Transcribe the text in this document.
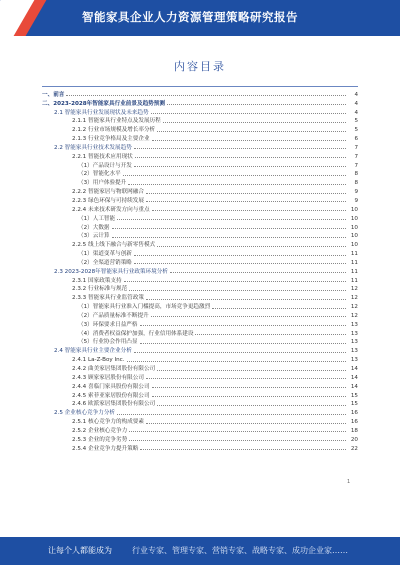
智能家具企业人力资源管理策略研究报告
内容目录
一、前言	4
二、2023-2028年智能家具行业前景及趋势预测	4
2.1 智能家具行业发展现状及未来趋势	4
2.1.1 智能家具行业特点及发展历程	5
2.1.2 行业市场规模及增长率分析	5
2.1.3 行业竞争格局及主要企业	6
2.2 智能家具行业技术发展趋势	7
2.2.1 智能技术应用现状	7
（1）产品设计与开发	7
（2）智能化水平	8
（3）用户体验提升	8
2.2.2 智能家居与物联网融合	9
2.2.3 绿色环保与可持续发展	9
2.2.4 未来技术研发方向与重点	10
（1）人工智能	10
（2）大数据	10
（3）云计算	10
2.2.5 线上线下融合与新零售模式	10
（1）渠道变革与创新	11
（2）全渠道营销策略	11
2.3 2023-2028年智能家具行业政策环境分析	11
2.3.1 国家政策支持	11
2.3.2 行业标准与规范	12
2.3.3 智能家具行业监管政策	12
（1）智能家具行业准入门槛提高，市场竞争更趋激烈	12
（2）产品质量标准不断提升	12
（3）环保要求日益严格	13
（4）消费者权益保护加强，行业信用体系建设	13
（5）行业协会作用凸显	13
2.4 智能家具行业主要企业分析	13
2.4.1 La-Z-Boy Inc.	13
2.4.2 曲美家居集团股份有限公司	14
2.4.3 顾家家居股份有限公司	14
2.4.4 喜临门家具股份有限公司	14
2.4.5 索菲亚家居股份有限公司	15
2.4.6 欧派家居集团股份有限公司	15
2.5 企业核心竞争力分析	16
2.5.1 核心竞争力的构成要素	16
2.5.2 企业核心竞争力	18
2.5.3 企业的竞争劣势	20
2.5.4 企业竞争力提升策略	22
1
让每个人都能成为	行业专家、管理专家、营销专家、战略专家、成功企业家……
